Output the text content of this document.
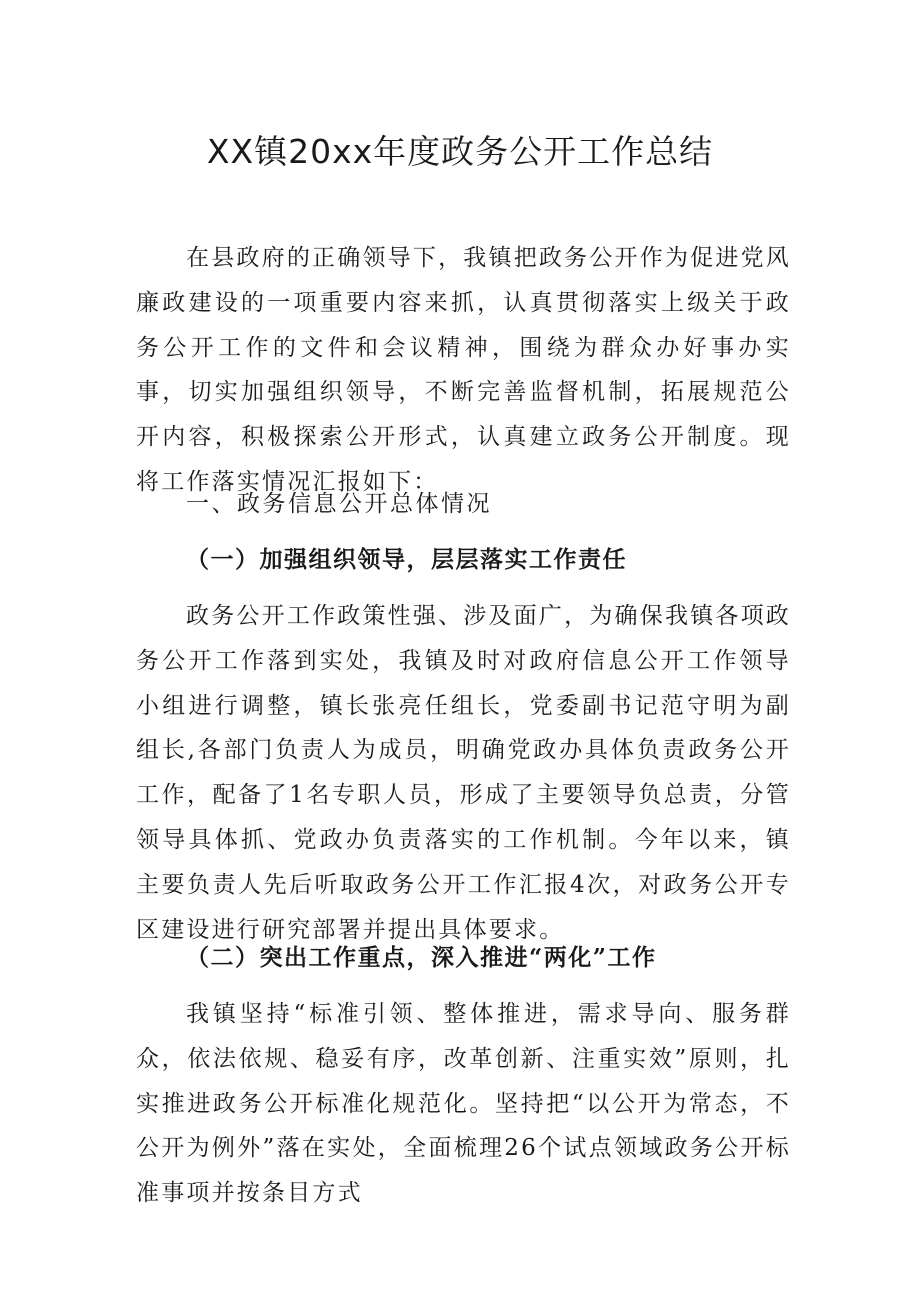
XX镇20xx年度政务公开工作总结

在县政府的正确领导下，我镇把政务公开作为促进党风廉政建设的一项重要内容来抓，认真贯彻落实上级关于政务公开工作的文件和会议精神，围绕为群众办好事办实事，切实加强组织领导，不断完善监督机制，拓展规范公开内容，积极探索公开形式，认真建立政务公开制度。现将工作落实情况汇报如下：

一、政务信息公开总体情况

（一）加强组织领导，层层落实工作责任

政务公开工作政策性强、涉及面广，为确保我镇各项政务公开工作落到实处，我镇及时对政府信息公开工作领导小组进行调整，镇长张亮任组长，党委副书记范守明为副组长,各部门负责人为成员，明确党政办具体负责政务公开工作，配备了1名专职人员，形成了主要领导负总责，分管领导具体抓、党政办负责落实的工作机制。今年以来，镇主要负责人先后听取政务公开工作汇报4次，对政务公开专区建设进行研究部署并提出具体要求。

（二）突出工作重点，深入推进“两化”工作

我镇坚持“标准引领、整体推进，需求导向、服务群众，依法依规、稳妥有序，改革创新、注重实效”原则，扎实推进政务公开标准化规范化。坚持把“以公开为常态，不公开为例外”落在实处，全面梳理26个试点领域政务公开标准事项并按条目方式
